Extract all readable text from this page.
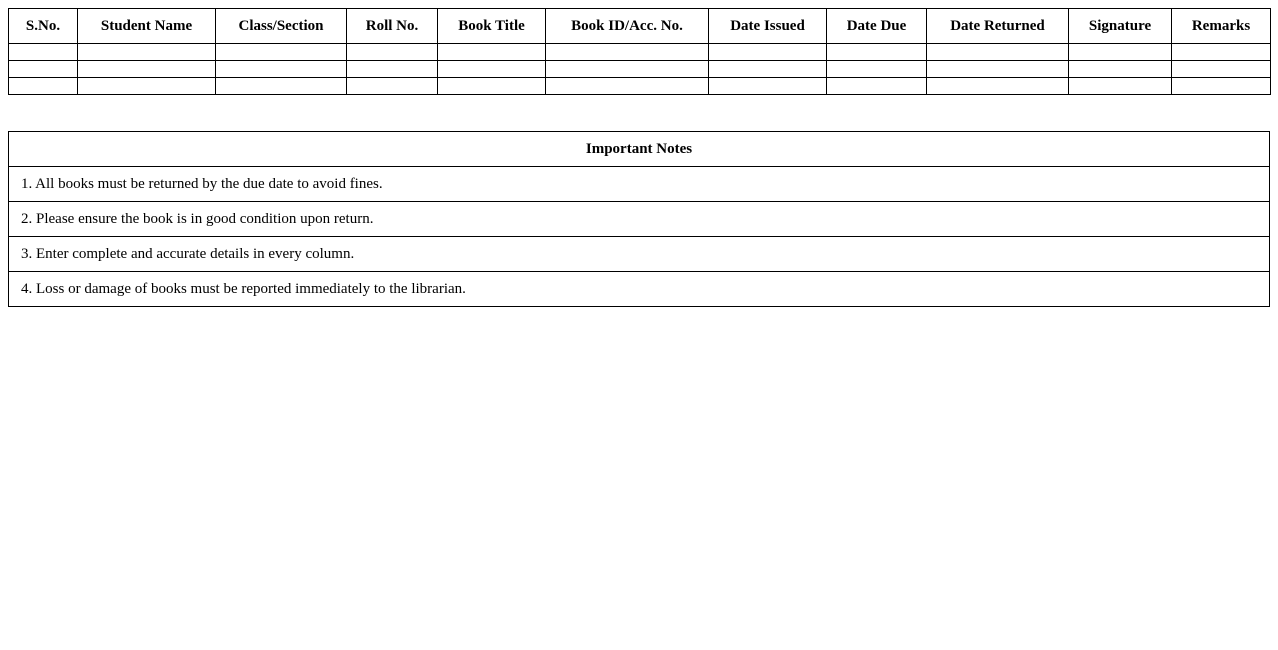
S.No.	Student Name	Class/Section	Roll No.	Book Title	Book ID/Acc. No.	Date Issued	Date Due	Date Returned	Signature	Remarks

Important Notes
1. All books must be returned by the due date to avoid fines.
2. Please ensure the book is in good condition upon return.
3. Enter complete and accurate details in every column.
4. Loss or damage of books must be reported immediately to the librarian.
